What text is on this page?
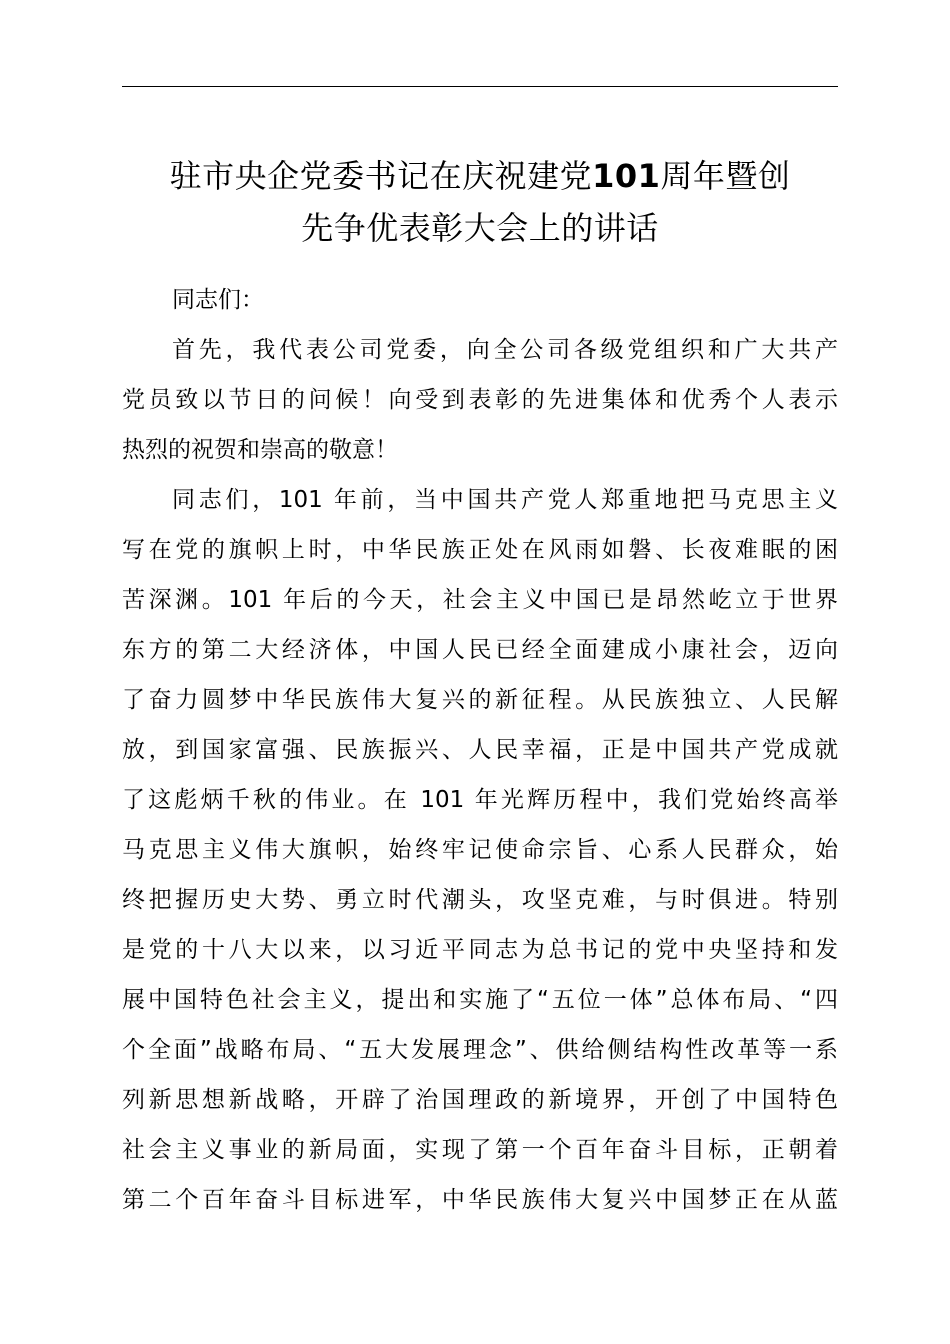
驻市央企党委书记在庆祝建党101周年暨创
先争优表彰大会上的讲话
同志们：
首先，我代表公司党委，向全公司各级党组织和广大共产
党员致以节日的问候！向受到表彰的先进集体和优秀个人表示
热烈的祝贺和崇高的敬意！
同志们，101 年前，当中国共产党人郑重地把马克思主义
写在党的旗帜上时，中华民族正处在风雨如磐、长夜难眠的困
苦深渊。101 年后的今天，社会主义中国已是昂然屹立于世界
东方的第二大经济体，中国人民已经全面建成小康社会，迈向
了奋力圆梦中华民族伟大复兴的新征程。从民族独立、人民解
放，到国家富强、民族振兴、人民幸福，正是中国共产党成就
了这彪炳千秋的伟业。在 101 年光辉历程中，我们党始终高举
马克思主义伟大旗帜，始终牢记使命宗旨、心系人民群众，始
终把握历史大势、勇立时代潮头，攻坚克难，与时俱进。特别
是党的十八大以来，以习近平同志为总书记的党中央坚持和发
展中国特色社会主义，提出和实施了“五位一体”总体布局、“四
个全面”战略布局、“五大发展理念”、供给侧结构性改革等一系
列新思想新战略，开辟了治国理政的新境界，开创了中国特色
社会主义事业的新局面，实现了第一个百年奋斗目标，正朝着
第二个百年奋斗目标进军，中华民族伟大复兴中国梦正在从蓝
